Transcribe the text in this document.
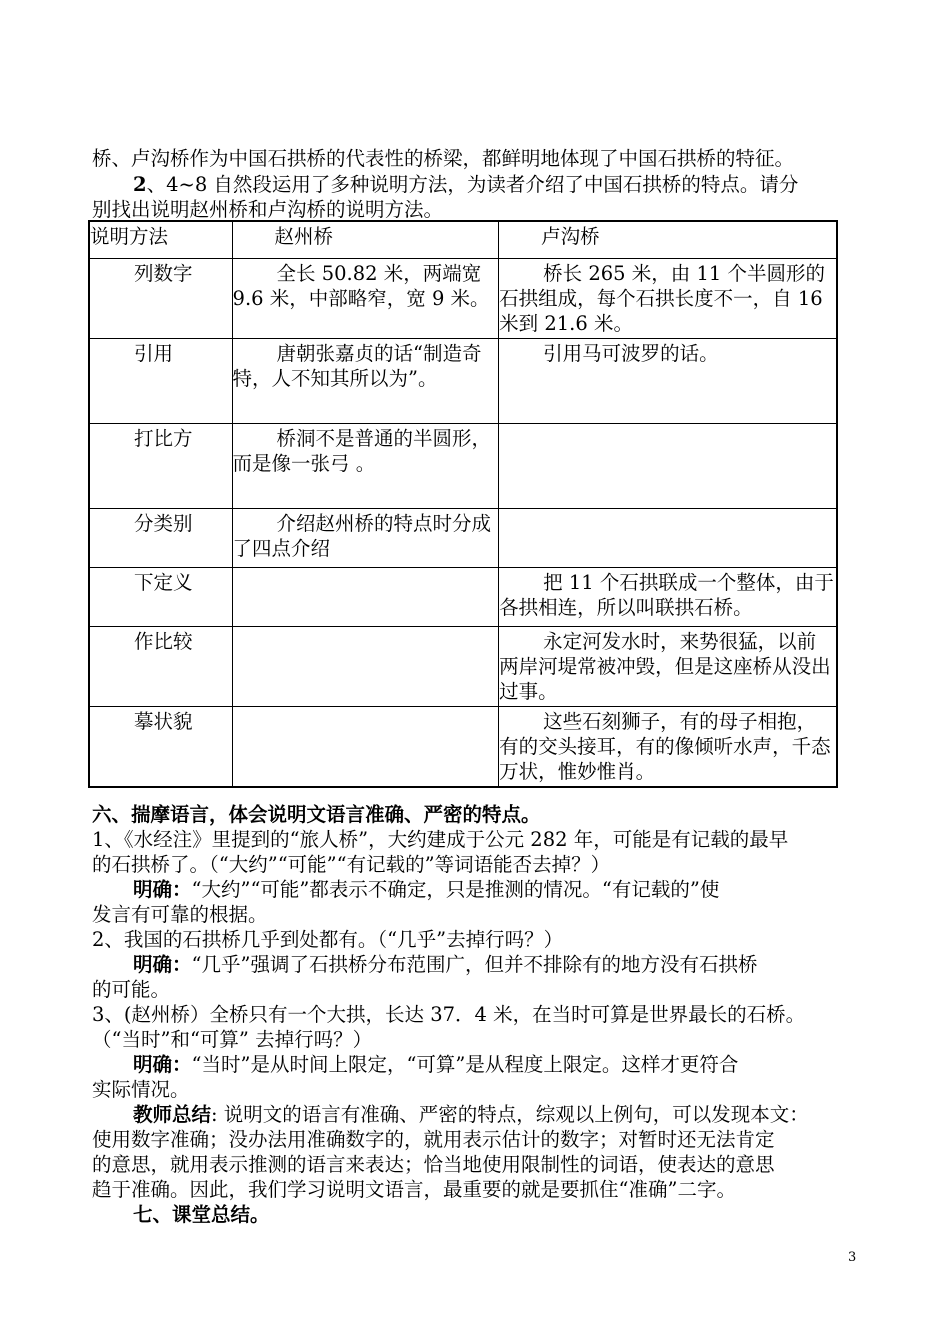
桥、卢沟桥作为中国石拱桥的代表性的桥梁，都鲜明地体现了中国石拱桥的特征。
2、4~8 自然段运用了多种说明方法，为读者介绍了中国石拱桥的特点。请分
别找出说明赵州桥和卢沟桥的说明方法。
说明方法	赵州桥	卢沟桥
列数字	全长 50.82 米，两端宽 9.6 米，中部略窄，宽 9 米。	桥长 265 米，由 11 个半圆形的石拱组成，每个石拱长度不一，自 16 米到 21.6 米。

引用	唐朝张嘉贞的话“制造奇特，人不知其所以为”。	引用马可波罗的话。

打比方	桥洞不是普通的半圆形，而是像一张弓 。	

分类别	介绍赵州桥的特点时分成了四点介绍	

下定义		把 11 个石拱联成一个整体，由于各拱相连，所以叫联拱石桥。

作比较		永定河发水时，来势很猛，以前两岸河堤常被冲毁，但是这座桥从没出过事。

摹状貌		这些石刻狮子，有的母子相抱，有的交头接耳，有的像倾听水声，千态万状，惟妙惟肖。
六、揣摩语言，体会说明文语言准确、严密的特点。
1、《水经注》里提到的“旅人桥”，大约建成于公元 282 年，可能是有记载的最早
的石拱桥了。（“大约”“可能”“有记载的”等词语能否去掉？）
明确：“大约”“可能”都表示不确定，只是推测的情况。“有记载的”使
发言有可靠的根据。
2、我国的石拱桥几乎到处都有。（“几乎”去掉行吗？）
明确：“几乎”强调了石拱桥分布范围广，但并不排除有的地方没有石拱桥
的可能。
3、(赵州桥）全桥只有一个大拱，长达 37．4 米，在当时可算是世界最长的石桥。
（“当时”和“可算” 去掉行吗？）
明确：“当时”是从时间上限定，“可算”是从程度上限定。这样才更符合
实际情况。
教师总结: 说明文的语言有准确、严密的特点，综观以上例句，可以发现本文：
使用数字准确；没办法用准确数字的，就用表示估计的数字；对暂时还无法肯定
的意思，就用表示推测的语言来表达；恰当地使用限制性的词语，使表达的意思
趋于准确。因此，我们学习说明文语言，最重要的就是要抓住“准确”二字。
七、课堂总结。
3
